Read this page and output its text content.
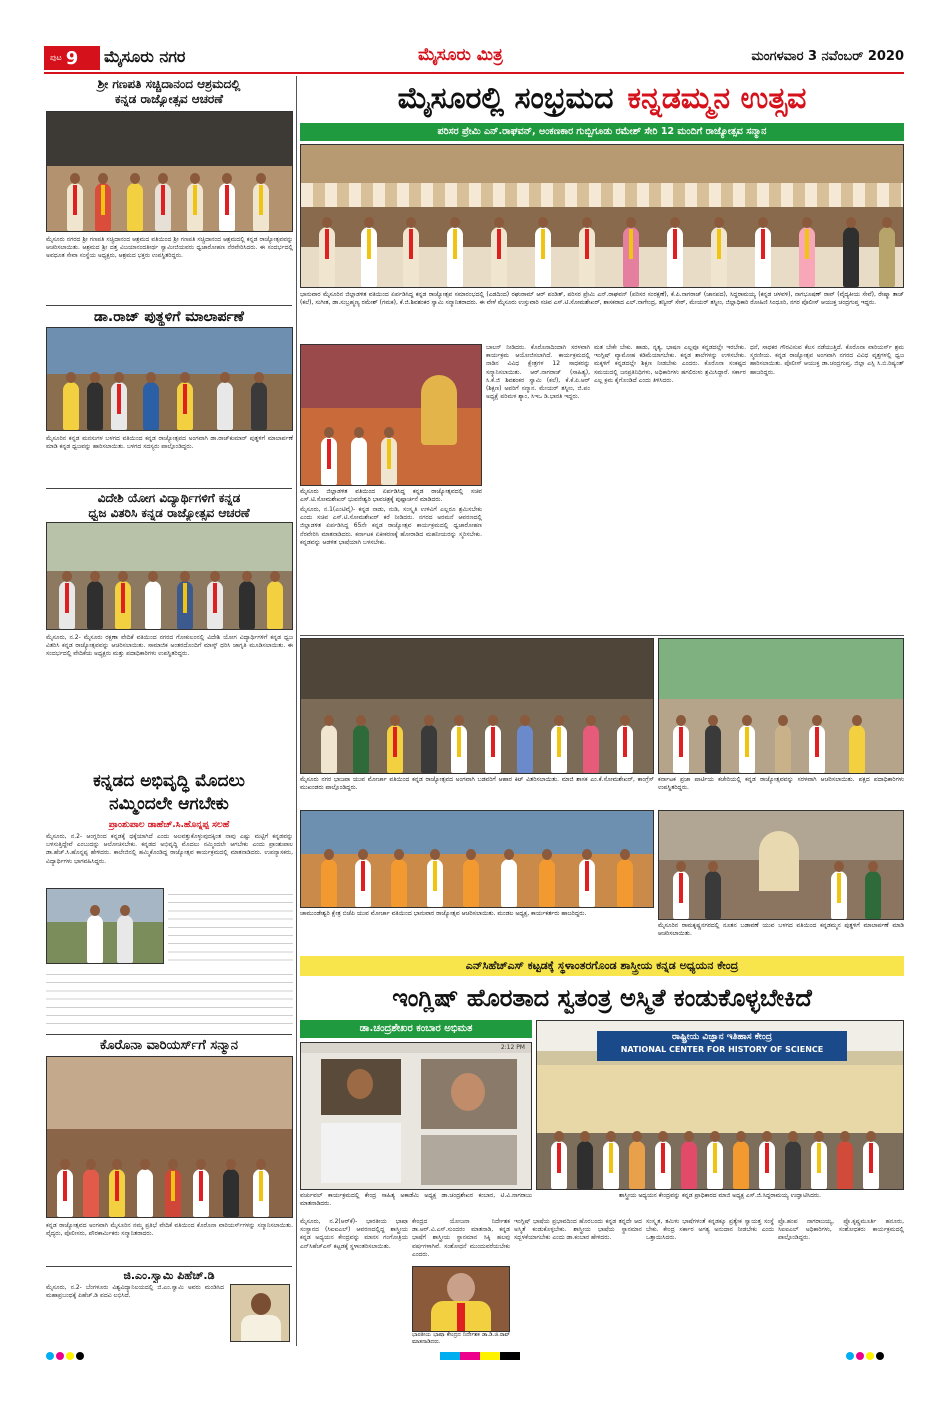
ಪುಟ 9 ಮೈಸೂರು ನಗರ	ಮೈಸೂರು ಮಿತ್ರ	ಮಂಗಳವಾರ 3 ನವೆಂಬರ್ 2020
ಶ್ರೀ ಗಣಪತಿ ಸಚ್ಚಿದಾನಂದ ಆಶ್ರಮದಲ್ಲಿ
ಕನ್ನಡ ರಾಜ್ಯೋತ್ಸವ ಆಚರಣೆ
ಮೈಸೂರು ನಗರದ ಶ್ರೀ ಗಣಪತಿ ಸಚ್ಚಿದಾನಂದ ಆಶ್ರಮದ ವತಿಯಿಂದ ಶ್ರೀ ಗಣಪತಿ ಸಚ್ಚಿದಾನಂದ ಆಶ್ರಮದಲ್ಲಿ ಕನ್ನಡ ರಾಜ್ಯೋತ್ಸವವನ್ನು ಆಚರಿಸಲಾಯಿತು. ಆಶ್ರಮದ ಶ್ರೀ ದತ್ತ ವಿಜಯಾನಂದತೀರ್ಥ ಸ್ವಾಮೀಜಿಯವರು ಧ್ವಜಾರೋಹಣ ನೆರವೇರಿಸಿದರು. ಈ ಸಂದರ್ಭದಲ್ಲಿ ಅವಧೂತ ಸೇವಾ ಸಂಸ್ಥೆಯ ಅಧ್ಯಕ್ಷರು, ಆಶ್ರಮದ ಭಕ್ತರು ಉಪಸ್ಥಿತರಿದ್ದರು.
ಡಾ.ರಾಜ್ ಪುತ್ಥಳಿಗೆ ಮಾಲಾರ್ಪಣೆ
ಮೈಸೂರಿನ ಕನ್ನಡ ಮನಸುಗಳ ಬಳಗದ ವತಿಯಿಂದ ಕನ್ನಡ ರಾಜ್ಯೋತ್ಸವದ ಅಂಗವಾಗಿ ಡಾ.ರಾಜ್‌ಕುಮಾರ್ ಪುತ್ಥಳಿಗೆ ಮಾಲಾರ್ಪಣೆ ಮಾಡಿ ಕನ್ನಡ ಧ್ವಜವನ್ನು ಹಾರಿಸಲಾಯಿತು. ಬಳಗದ ಸದಸ್ಯರು ಪಾಲ್ಗೊಂಡಿದ್ದರು.
ವಿದೇಶಿ ಯೋಗ ವಿದ್ಯಾರ್ಥಿಗಳಿಗೆ ಕನ್ನಡ
ಧ್ವಜ ವಿತರಿಸಿ ಕನ್ನಡ ರಾಜ್ಯೋತ್ಸವ ಆಚರಣೆ
ಮೈಸೂರು, ನ.2- ಮೈಸೂರು ರಕ್ಷಣಾ ವೇದಿಕೆ ವತಿಯಿಂದ ನಗರದ ಗೋಕುಲಂನಲ್ಲಿ ವಿದೇಶಿ ಯೋಗ ವಿದ್ಯಾರ್ಥಿಗಳಿಗೆ ಕನ್ನಡ ಧ್ವಜ ವಿತರಿಸಿ ಕನ್ನಡ ರಾಜ್ಯೋತ್ಸವವನ್ನು ಆಚರಿಸಲಾಯಿತು. ಸಾಮಾಜಿಕ ಅಂತರದೊಂದಿಗೆ ಮಾಸ್ಕ್ ಧರಿಸಿ ಜಾಗೃತಿ ಮೂಡಿಸಲಾಯಿತು. ಈ ಸಂದರ್ಭದಲ್ಲಿ ವೇದಿಕೆಯ ಅಧ್ಯಕ್ಷರು ಮತ್ತು ಪದಾಧಿಕಾರಿಗಳು ಉಪಸ್ಥಿತರಿದ್ದರು.
ಕನ್ನಡದ ಅಭಿವೃದ್ಧಿ ಮೊದಲು
ನಮ್ಮಿಂದಲೇ ಆಗಬೇಕು
ಪ್ರಾಂಶುಪಾಲ ಡಾಹೆಚ್.ಸಿ.ಹೊನ್ನಪ್ಪ ಸಲಹೆ
ಮೈಸೂರು, ನ.2- ಆಂಗ್ಲರಿಂದ ಕನ್ನಡಕ್ಕೆ ಧಕ್ಕೆಯಾಗಿದೆ ಎಂದು ಅಲವತ್ತುಕೊಳ್ಳುವುದಕ್ಕಿಂತ ನಾವು ಎಷ್ಟು ಮಟ್ಟಿಗೆ ಕನ್ನಡವನ್ನು ಬಳಸುತ್ತಿದ್ದೇವೆ ಎಂಬುದನ್ನು ಆಲೋಚಿಸಬೇಕು. ಕನ್ನಡದ ಅಭಿವೃದ್ಧಿ ಮೊದಲು ನಮ್ಮಿಂದಲೇ ಆಗಬೇಕು ಎಂದು ಪ್ರಾಂಶುಪಾಲ ಡಾ.ಹೆಚ್.ಸಿ.ಹೊನ್ನಪ್ಪ ಹೇಳಿದರು. ಕಾಲೇಜಿನಲ್ಲಿ ಹಮ್ಮಿಕೊಂಡಿದ್ದ ರಾಜ್ಯೋತ್ಸವ ಕಾರ್ಯಕ್ರಮದಲ್ಲಿ ಮಾತನಾಡಿದರು. ಉಪನ್ಯಾಸಕರು, ವಿದ್ಯಾರ್ಥಿಗಳು ಭಾಗವಹಿಸಿದ್ದರು.
ಕೊರೊನಾ ವಾರಿಯರ್ಸ್‌ಗೆ ಸನ್ಮಾನ
ಕನ್ನಡ ರಾಜ್ಯೋತ್ಸವದ ಅಂಗವಾಗಿ ಮೈಸೂರಿನ ನಮ್ಮ ಪ್ರತಿಭೆ ವೇದಿಕೆ ವತಿಯಿಂದ ಕೊರೊನಾ ವಾರಿಯರ್ಸ್‌ಗಳನ್ನು ಸನ್ಮಾನಿಸಲಾಯಿತು. ವೈದ್ಯರು, ಪೊಲೀಸರು, ಪೌರಕಾರ್ಮಿಕರು ಸನ್ಮಾನಿತರಾದರು.
ಜಿ.ಎಂ.ಸ್ವಾಮಿ ಪಿಹೆಚ್.ಡಿ
ಮೈಸೂರು, ನ.2- ಬೆಂಗಳೂರು ವಿಶ್ವವಿದ್ಯಾನಿಲಯದಲ್ಲಿ ಜಿ.ಎಂ.ಸ್ವಾಮಿ ಅವರು ಮಂಡಿಸಿದ ಮಹಾಪ್ರಬಂಧಕ್ಕೆ ಪಿಹೆಚ್.ಡಿ ಪದವಿ ಲಭಿಸಿದೆ.
ಮೈಸೂರಲ್ಲಿ ಸಂಭ್ರಮದ ಕನ್ನಡಮ್ಮನ ಉತ್ಸವ
ಪರಿಸರ ಪ್ರೇಮಿ ಎನ್.ರಾಘವನ್, ಅಂಕಣಕಾರ ಗುಬ್ಬಿಗೂಡು ರಮೇಶ್ ಸೇರಿ 12 ಮಂದಿಗೆ ರಾಜ್ಯೋತ್ಸವ ಸನ್ಮಾನ
ಭಾನುವಾರ ಮೈಸೂರಿನ ಜಿಲ್ಲಾಡಳಿತ ವತಿಯಿಂದ ಏರ್ಪಡಿಸಿದ್ದ ಕನ್ನಡ ರಾಜ್ಯೋತ್ಸವ ಸಮಾರಂಭದಲ್ಲಿ (ಎಡದಿಂದ) ರಘುರಾಮ್ ಆರ್ ಪಂಡಿತ್, ಪರಿಸರ ಪ್ರೇಮಿ ಎನ್.ರಾಘವನ್ (ಪರಿಸರ ಸಂರಕ್ಷಣೆ), ಕೆ.ಪಿ.ನಾಗರಾಜ್ (ಜಾನಪದ), ಸಿದ್ದರಾಮಯ್ಯ (ಕನ್ನಡ ಚಳವಳಿ), ನಾಗಭೂಷಣ್ ರಾವ್ (ವೈದ್ಯಕೀಯ ಸೇವೆ), ರೇಷ್ಮಾ ತಾಜ್ (ಕಲೆ), ಸುಗೀತ, ಡಾ.ಸುಬ್ರಹ್ಮಣ್ಯ ರಮೇಶ್ (ಗಮಕ), ಕೆ.ಜಿ.ಶಿವಶಂಕರ ಸ್ವಾಮಿ ಸನ್ಮಾನಿತರಾದರು. ಈ ವೇಳೆ ಮೈಸೂರು ಉಸ್ತುವಾರಿ ಸಚಿವ ಎಸ್.ಟಿ.ಸೋಮಶೇಖರ್, ಶಾಸಕರಾದ ಎಲ್.ನಾಗೇಂದ್ರ, ತನ್ವೀರ್ ಸೇಠ್, ಮೇಯರ್ ತಸ್ನೀಂ, ಜಿಲ್ಲಾಧಿಕಾರಿ ರೋಹಿಣಿ ಸಿಂಧೂರಿ, ನಗರ ಪೊಲೀಸ್ ಆಯುಕ್ತ ಚಂದ್ರಗುಪ್ತ ಇದ್ದರು.
ಮೈಸೂರು ಜಿಲ್ಲಾಡಳಿತ ವತಿಯಿಂದ ಏರ್ಪಡಿಸಿದ್ದ ಕನ್ನಡ ರಾಜ್ಯೋತ್ಸವದಲ್ಲಿ ಸಚಿವ ಎಸ್.ಟಿ.ಸೋಮಶೇಖರ್ ಭುವನೇಶ್ವರಿ ಭಾವಚಿತ್ರಕ್ಕೆ ಪುಷ್ಪಾರ್ಚನೆ ಮಾಡಿದರು.
ಮೈಸೂರು, ನ.1(ಎಂಟಿವೈ)- ಕನ್ನಡ ನಾಡು, ನುಡಿ, ಸಂಸ್ಕೃತಿ ಉಳಿವಿಗೆ ಎಲ್ಲರೂ ಶ್ರಮಿಸಬೇಕು ಎಂದು ಸಚಿವ ಎಸ್.ಟಿ.ಸೋಮಶೇಖರ್ ಕರೆ ನೀಡಿದರು. ನಗರದ ಅರಮನೆ ಆವರಣದಲ್ಲಿ ಜಿಲ್ಲಾಡಳಿತ ಏರ್ಪಡಿಸಿದ್ದ 65ನೇ ಕನ್ನಡ ರಾಜ್ಯೋತ್ಸವ ಕಾರ್ಯಕ್ರಮದಲ್ಲಿ ಧ್ವಜಾರೋಹಣ ನೆರವೇರಿಸಿ ಮಾತನಾಡಿದರು. ಕರ್ನಾಟಕ ಏಕೀಕರಣಕ್ಕೆ ಹೋರಾಡಿದ ಮಹನೀಯರನ್ನು ಸ್ಮರಿಸಬೇಕು. ಕನ್ನಡವನ್ನು ಆಡಳಿತ ಭಾಷೆಯಾಗಿ ಬಳಸಬೇಕು.
ಬಾಲನ್ ನೀಡಿದರು. ಕೊರೊನಾದಿಂದಾಗಿ ಸರಳವಾಗಿ ಕಾರ್ಯಕ್ರಮ ಆಯೋಜಿಸಲಾಗಿದೆ. ಕಾರ್ಯಕ್ರಮದಲ್ಲಿ ನಾಡಿನ ವಿವಿಧ ಕ್ಷೇತ್ರಗಳ 12 ಸಾಧಕರನ್ನು ಸನ್ಮಾನಿಸಲಾಯಿತು. ಆರ್.ನಾಗರಾಜ್ (ಸಾಹಿತ್ಯ), ಸಿ.ಕೆ.ಜಿ ಶಿವಶಂಕರ ಸ್ವಾಮಿ (ಕಲೆ), ಕೆ.ಕೆ.ಪಿ.ಆರ್ (ಶಿಕ್ಷಣ) ಅವರಿಗೆ ಸನ್ಮಾನ. ಮೇಯರ್ ತಸ್ನೀಂ, ಜಿ.ಪಂ ಅಧ್ಯಕ್ಷೆ ಪರಿಮಳ ಶ್ಯಾಂ, ಸಿಇಒ ಡಿ.ಭಾರತಿ ಇದ್ದರು.
ಮತ ಬೇಕೇ ಬೇಕು. ಹಾಡು, ನೃತ್ಯ, ಭಾಷಣ ಎಲ್ಲವೂ ಕನ್ನಡದಲ್ಲೇ ಇರಬೇಕು. ಇಂಗ್ಲಿಷ್ ವ್ಯಾಮೋಹ ಕಡಿಮೆಯಾಗಬೇಕು. ಕನ್ನಡ ಶಾಲೆಗಳನ್ನು ಉಳಿಸಬೇಕು. ಮಕ್ಕಳಿಗೆ ಕನ್ನಡದಲ್ಲೇ ಶಿಕ್ಷಣ ನೀಡಬೇಕು ಎಂದರು. ಕೊರೊನಾ ಸಂಕಷ್ಟದ ಸಮಯದಲ್ಲಿ ಜನಪ್ರತಿನಿಧಿಗಳು, ಅಧಿಕಾರಿಗಳು ಹಗಲಿರುಳು ಶ್ರಮಿಸಿದ್ದಾರೆ. ಸರ್ಕಾರ ಎಲ್ಲ ಕ್ರಮ ಕೈಗೊಂಡಿದೆ ಎಂದು ತಿಳಿಸಿದರು.
ಧನೆ, ಸಾಧಕರ ಗೌರವಿಸುವ ಕೆಲಸ ನಡೆಯುತ್ತಿದೆ. ಕೊರೊನಾ ವಾರಿಯರ್ಸ್ ಶ್ರಮ ಸ್ಮರಣೀಯ. ಕನ್ನಡ ರಾಜ್ಯೋತ್ಸವ ಅಂಗವಾಗಿ ನಗರದ ವಿವಿಧ ವೃತ್ತಗಳಲ್ಲಿ ಧ್ವಜ ಹಾರಿಸಲಾಯಿತು. ಪೊಲೀಸ್ ಆಯುಕ್ತ ಡಾ.ಚಂದ್ರಗುಪ್ತ, ಜಿಲ್ಲಾ ಎಸ್ಪಿ ಸಿ.ಬಿ.ರಿಷ್ಯಂತ್ ಹಾಜರಿದ್ದರು.
ಮೈಸೂರು ನಗರ ಭಾಜಪಾ ಯುವ ಮೋರ್ಚಾ ವತಿಯಿಂದ ಕನ್ನಡ ರಾಜ್ಯೋತ್ಸವದ ಅಂಗವಾಗಿ ಬಡವರಿಗೆ ಆಹಾರ ಕಿಟ್ ವಿತರಿಸಲಾಯಿತು. ಮಾಜಿ ಶಾಸಕ ಎಂ.ಕೆ.ಸೋಮಶೇಖರ್, ಕಾಂಗ್ರೆಸ್ ಮುಖಂಡರು ಪಾಲ್ಗೊಂಡಿದ್ದರು.
ಕರ್ನಾಟಕ ಪ್ರಜಾ ಪಾರ್ಟಿಯ ಕಚೇರಿಯಲ್ಲಿ ಕನ್ನಡ ರಾಜ್ಯೋತ್ಸವವನ್ನು ಸರಳವಾಗಿ ಆಚರಿಸಲಾಯಿತು. ಪಕ್ಷದ ಪದಾಧಿಕಾರಿಗಳು ಉಪಸ್ಥಿತರಿದ್ದರು.
ಚಾಮುಂಡೇಶ್ವರಿ ಕ್ಷೇತ್ರ ಬಿಜೆಪಿ ಯುವ ಮೋರ್ಚಾ ವತಿಯಿಂದ ಭಾನುವಾರ ರಾಜ್ಯೋತ್ಸವ ಆಚರಿಸಲಾಯಿತು. ಮಂಡಲ ಅಧ್ಯಕ್ಷ, ಕಾರ್ಯಕರ್ತರು ಹಾಜರಿದ್ದರು.
ಮೈಸೂರಿನ ರಾಮಕೃಷ್ಣನಗರದಲ್ಲಿ ನೂತನ ಬಡಾವಣೆ ಯುವ ಬಳಗದ ವತಿಯಿಂದ ಕನ್ನಡಮ್ಮನ ಪುತ್ಥಳಿಗೆ ಮಾಲಾರ್ಪಣೆ ಮಾಡಿ ಆಚರಿಸಲಾಯಿತು.
ಎನ್‌ಸಿಹೆಚ್‌ಎಸ್ ಕಟ್ಟಡಕ್ಕೆ ಸ್ಥಳಾಂತರಗೊಂಡ ಶಾಸ್ತ್ರೀಯ ಕನ್ನಡ ಅಧ್ಯಯನ ಕೇಂದ್ರ
ಇಂಗ್ಲಿಷ್ ಹೊರತಾದ ಸ್ವತಂತ್ರ ಅಸ್ಮಿತೆ ಕಂಡುಕೊಳ್ಳಬೇಕಿದೆ
ಡಾ.ಚಂದ್ರಶೇಖರ ಕಂಬಾರ ಅಭಿಮತ
2:12 PM
ವರ್ಚುವಲ್ ಕಾರ್ಯಕ್ರಮದಲ್ಲಿ ಕೇಂದ್ರ ಸಾಹಿತ್ಯ ಅಕಾಡೆಮಿ ಅಧ್ಯಕ್ಷ ಡಾ.ಚಂದ್ರಶೇಖರ ಕಂಬಾರ, ಟಿ.ವಿ.ನಾಗರಾಜು ಮಾತನಾಡಿದರು.
ರಾಷ್ಟ್ರೀಯ ವಿಜ್ಞಾನ ಇತಿಹಾಸ ಕೇಂದ್ರ
NATIONAL CENTER FOR HISTORY OF SCIENCE
ಶಾಸ್ತ್ರೀಯ ಅಧ್ಯಯನ ಕೇಂದ್ರವನ್ನು ಕನ್ನಡ ಪ್ರಾಧಿಕಾರದ ಮಾಜಿ ಅಧ್ಯಕ್ಷ ಎಸ್.ಜಿ.ಸಿದ್ದರಾಮಯ್ಯ ಉದ್ಘಾಟಿಸಿದರು.
ಮೈಸೂರು, ನ.2(ಆರ್‌ಕೆ)- ಭಾರತೀಯ ಭಾಷಾ ಸಂಸ್ಥಾನದ (ಸಿಐಐಎಲ್) ಆವರಣದಲ್ಲಿದ್ದ ಶಾಸ್ತ್ರೀಯ ಕನ್ನಡ ಅಧ್ಯಯನ ಕೇಂದ್ರವನ್ನು ಮಾನಸ ಗಂಗೋತ್ರಿಯ ಎನ್‌ಸಿಹೆಚ್‌ಎಸ್ ಕಟ್ಟಡಕ್ಕೆ ಸ್ಥಳಾಂತರಿಸಲಾಯಿತು.
ಕೇಂದ್ರದ ಯೋಜನಾ ನಿರ್ದೇಶಕ ಡಾ.ಆರ್.ವಿ.ಎಸ್.ಸುಂದರಂ ಮಾತನಾಡಿ, ಕನ್ನಡ ಭಾಷೆಗೆ ಶಾಸ್ತ್ರೀಯ ಸ್ಥಾನಮಾನ ಸಿಕ್ಕಿ ಹಲವು ವರ್ಷಗಳಾಗಿವೆ. ಸಂಶೋಧನೆ ಮುಂದುವರೆಯಬೇಕು ಎಂದರು.
ಭಾರತೀಯ ಭಾಷಾ ಕೇಂದ್ರದ ನಿರ್ದೇಶಕ ಡಾ.ಡಿ.ಜಿ.ರಾವ್ ಮಾತನಾಡಿದರು.
ಇಂಗ್ಲಿಷ್ ಭಾಷೆಯ ಪ್ರಭಾವದಿಂದ ಹೊರಬಂದು ಕನ್ನಡ ತನ್ನದೇ ಆದ ಅಸ್ಮಿತೆ ಕಂಡುಕೊಳ್ಳಬೇಕು. ಶಾಸ್ತ್ರೀಯ ಭಾಷೆಯ ಸ್ಥಾನಮಾನ ಸದ್ಬಳಕೆಯಾಗಬೇಕು ಎಂದು ಡಾ.ಕಂಬಾರ ಹೇಳಿದರು.
ಸಂಸ್ಕೃತ, ತಮಿಳು ಭಾಷೆಗಳಂತೆ ಕನ್ನಡಕ್ಕೂ ಪ್ರತ್ಯೇಕ ಸ್ವಾಯತ್ತ ಸಂಸ್ಥೆ ಬೇಕು. ಕೇಂದ್ರ ಸರ್ಕಾರ ಅಗತ್ಯ ಅನುದಾನ ನೀಡಬೇಕು ಎಂದು ಒತ್ತಾಯಿಸಿದರು.
ಪ್ರೊ.ಹಂಪ ನಾಗರಾಜಯ್ಯ, ಪ್ರೊ.ಕೃಷ್ಣಮೂರ್ತಿ ಹನೂರು, ಸಿಐಐಎಲ್ ಅಧಿಕಾರಿಗಳು, ಸಂಶೋಧಕರು ಕಾರ್ಯಕ್ರಮದಲ್ಲಿ ಪಾಲ್ಗೊಂಡಿದ್ದರು.
